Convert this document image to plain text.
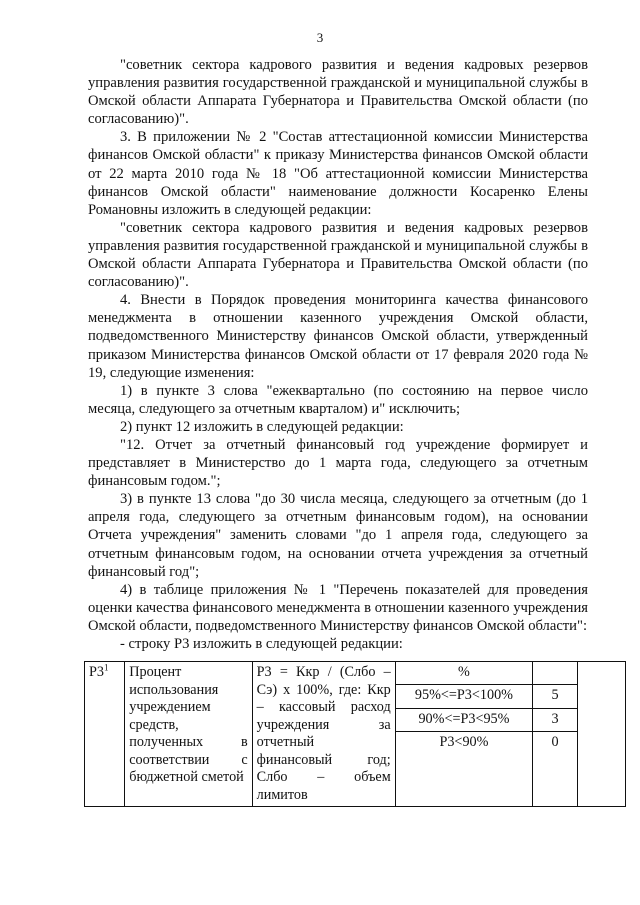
3

"советник сектора кадрового развития и ведения кадровых резервов управления развития государственной гражданской и муниципальной службы в Омской области Аппарата Губернатора и Правительства Омской области (по согласованию)".

3. В приложении № 2 "Состав аттестационной комиссии Министерства финансов Омской области" к приказу Министерства финансов Омской области от 22 марта 2010 года № 18 "Об аттестационной комиссии Министерства финансов Омской области" наименование должности Косаренко Елены Романовны изложить в следующей редакции:

"советник сектора кадрового развития и ведения кадровых резервов управления развития государственной гражданской и муниципальной службы в Омской области Аппарата Губернатора и Правительства Омской области (по согласованию)".

4. Внести в Порядок проведения мониторинга качества финансового менеджмента в отношении казенного учреждения Омской области, подведомственного Министерству финансов Омской области, утвержденный приказом Министерства финансов Омской области от 17 февраля 2020 года № 19, следующие изменения:

1) в пункте 3 слова "ежеквартально (по состоянию на первое число месяца, следующего за отчетным кварталом) и" исключить;

2) пункт 12 изложить в следующей редакции:

"12. Отчет за отчетный финансовый год учреждение формирует и представляет в Министерство до 1 марта года, следующего за отчетным финансовым годом.";

3) в пункте 13 слова "до 30 числа месяца, следующего за отчетным (до 1 апреля года, следующего за отчетным финансовым годом), на основании Отчета учреждения" заменить словами "до 1 апреля года, следующего за отчетным финансовым годом, на основании отчета учреждения за отчетный финансовый год";

4) в таблице приложения № 1 "Перечень показателей для проведения оценки качества финансового менеджмента в отношении казенного учреждения Омской области, подведомственного Министерству финансов Омской области":

- строку Р3 изложить в следующей редакции:

$Р3^1$	Процент использования учреждением средств, полученных в соответствии с бюджетной сметой	Р3 = Ккр / (Слбо – Сэ) х 100%, где: Ккр – кассовый расход учреждения за отчетный финансовый год; Слбо – объем лимитов	%		
			95%<=Р3<100%	5	
			90%<=Р3<95%	3	
			Р3<90%	0	
